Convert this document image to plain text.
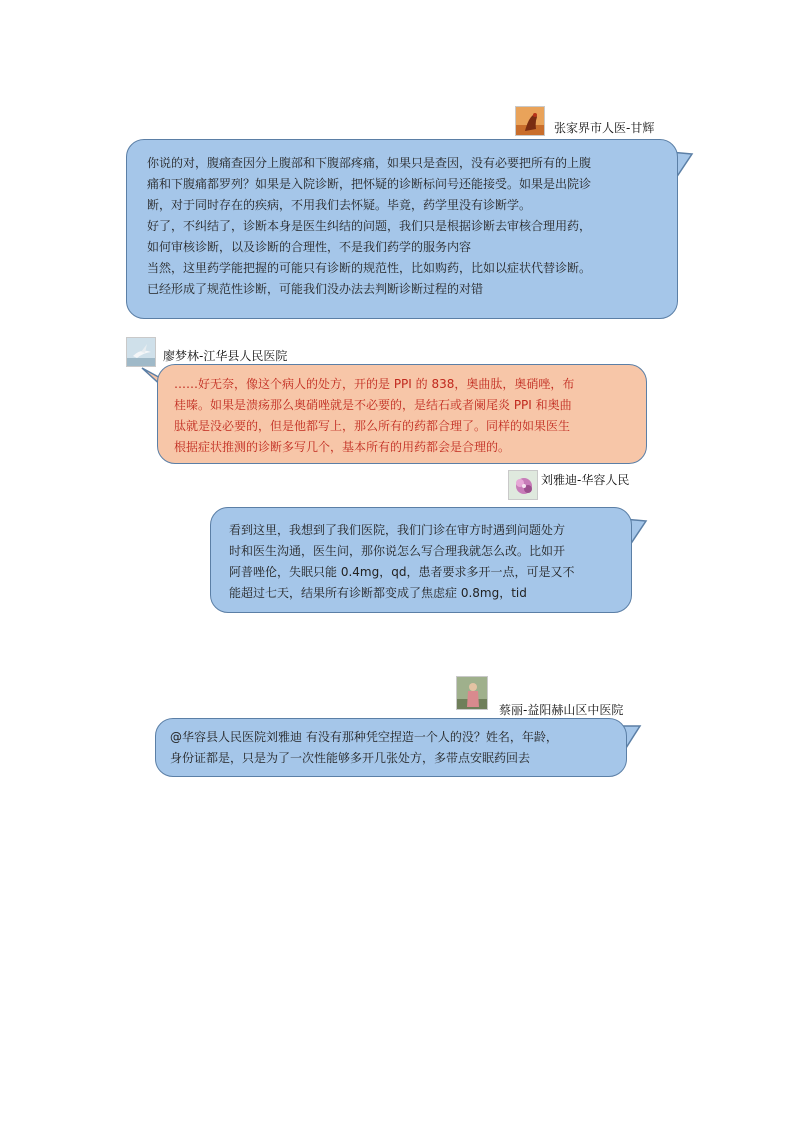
张家界市人医-甘辉

你说的对，腹痛查因分上腹部和下腹部疼痛，如果只是查因，没有必要把所有的上腹

痛和下腹痛都罗列？如果是入院诊断，把怀疑的诊断标问号还能接受。如果是出院诊

断，对于同时存在的疾病，不用我们去怀疑。毕竟，药学里没有诊断学。

好了，不纠结了，诊断本身是医生纠结的问题，我们只是根据诊断去审核合理用药，

如何审核诊断，以及诊断的合理性，不是我们药学的服务内容

当然，这里药学能把握的可能只有诊断的规范性，比如购药，比如以症状代替诊断。

已经形成了规范性诊断，可能我们没办法去判断诊断过程的对错

廖梦林-江华县人民医院

……好无奈，像这个病人的处方，开的是 PPI 的 838，奥曲肽，奥硝唑，布

桂嗪。如果是溃疡那么奥硝唑就是不必要的，是结石或者阑尾炎 PPI 和奥曲

肽就是没必要的，但是他都写上，那么所有的药都合理了。同样的如果医生

根据症状推测的诊断多写几个，基本所有的用药都会是合理的。

刘雅迪-华容人民

看到这里，我想到了我们医院，我们门诊在审方时遇到问题处方

时和医生沟通，医生问，那你说怎么写合理我就怎么改。比如开

阿普唑伦，失眠只能 0.4mg，qd，患者要求多开一点，可是又不

能超过七天，结果所有诊断都变成了焦虑症 0.8mg，tid

蔡丽-益阳赫山区中医院

@华容县人民医院刘雅迪 有没有那种凭空捏造一个人的没？姓名，年龄，

身份证都是，只是为了一次性能够多开几张处方，多带点安眠药回去
